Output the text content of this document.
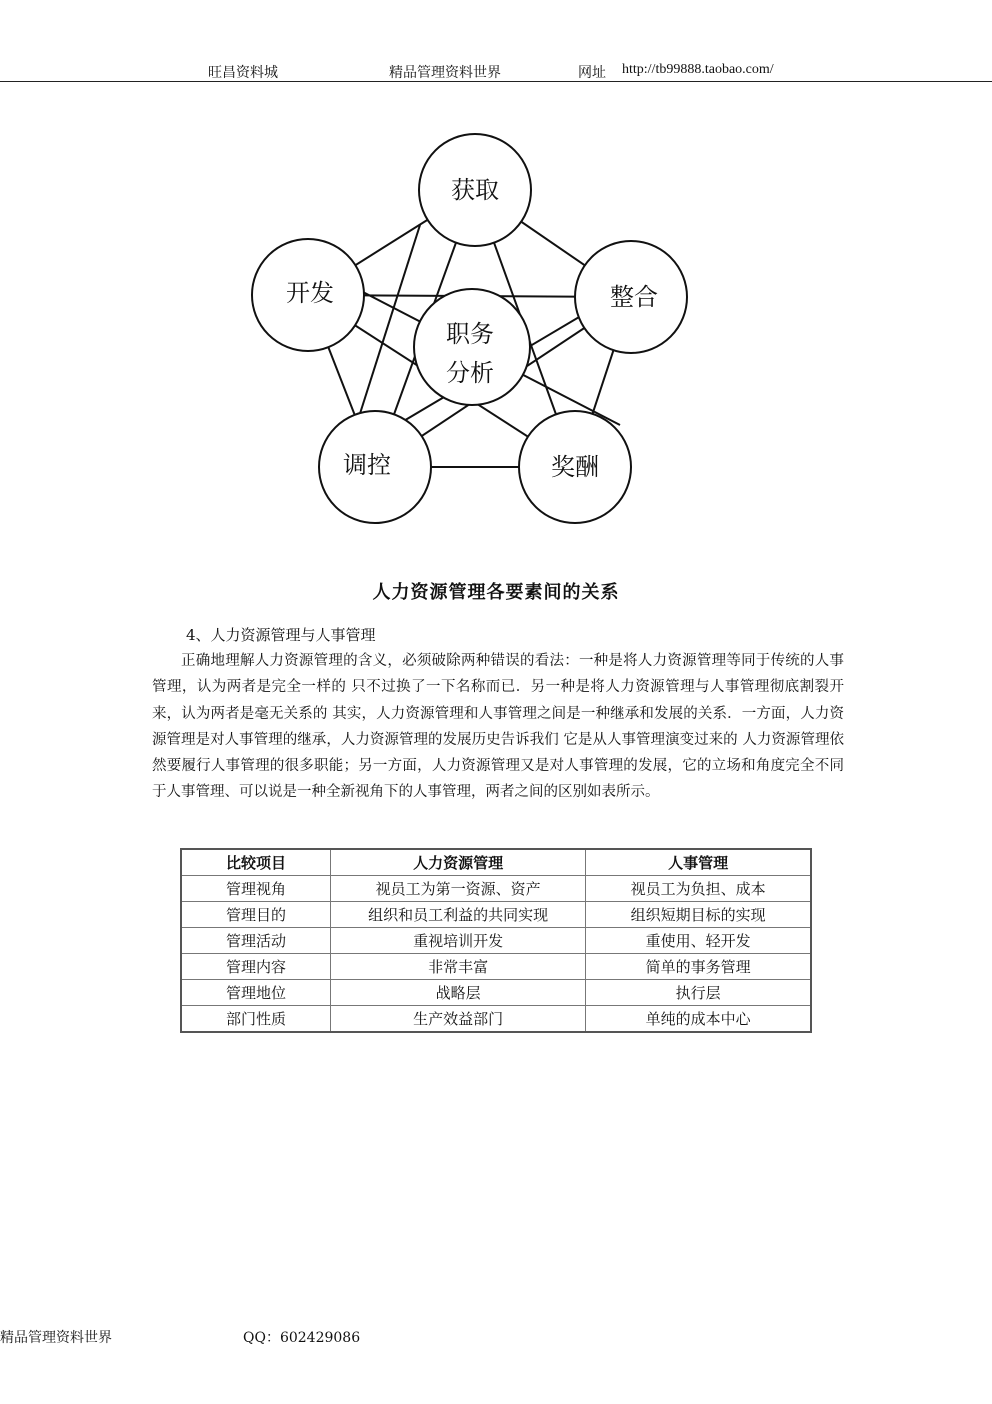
旺昌资料城	精品管理资料世界	网址 http://tb99888.taobao.com/
获取
整合
奖酬
调控
开发
职务
分析
人力资源管理各要素间的关系
4、人力资源管理与人事管理
正确地理解人力资源管理的含义，必须破除两种错误的看法：一种是将人力资源管理等同于传统的人事管理，认为两者是完全一样的 只不过换了一下名称而已．另一种是将人力资源管理与人事管理彻底割裂开来，认为两者是毫无关系的 其实，人力资源管理和人事管理之间是一种继承和发展的关系．一方面，人力资源管理是对人事管理的继承，人力资源管理的发展历史告诉我们 它是从人事管理演变过来的 人力资源管理依然要履行人事管理的很多职能；另一方面，人力资源管理又是对人事管理的发展，它的立场和角度完全不同于人事管理、可以说是一种全新视角下的人事管理，两者之间的区别如表所示。
比较项目	人力资源管理	人事管理
管理视角	视员工为第一资源、资产	视员工为负担、成本
管理目的	组织和员工利益的共同实现	组织短期目标的实现
管理活动	重视培训开发	重使用、轻开发
管理内容	非常丰富	简单的事务管理
管理地位	战略层	执行层
部门性质	生产效益部门	单纯的成本中心
精品管理资料世界	QQ：602429086
